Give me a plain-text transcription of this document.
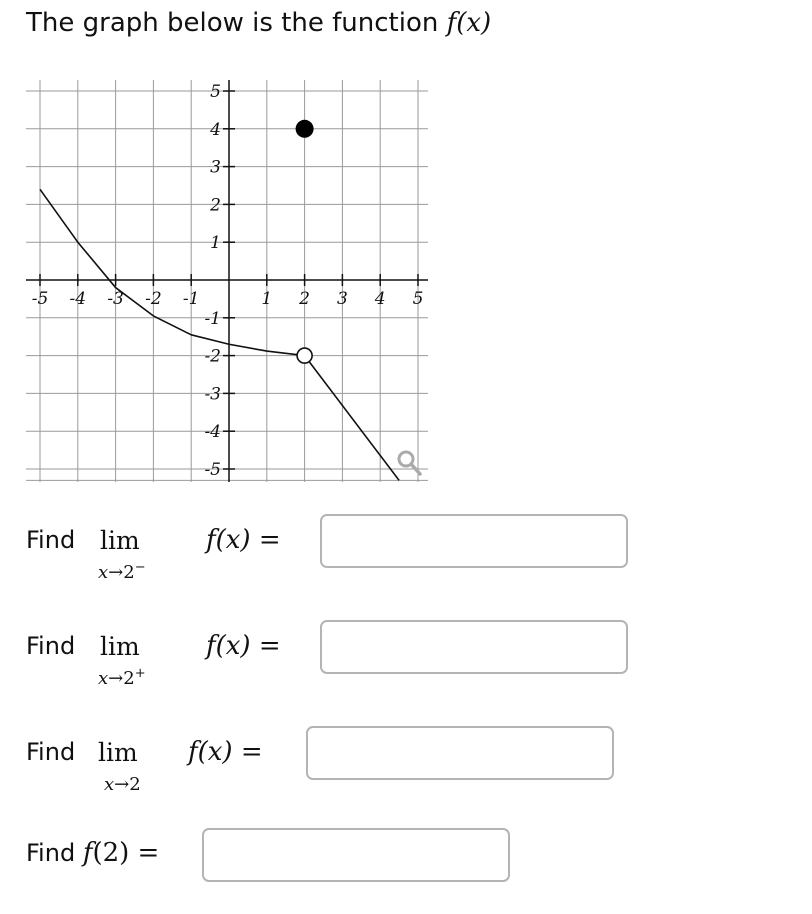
The graph below is the function f(x)
-5 -4 -3 -2 -1	1 2 3 4 5
5
4
3
2
1
-1
-2
-3
-4
-5
Find lim
x→2−
f(x) =
Find lim
x→2+
f(x) =
Find lim
x→2
f(x) =
Find f(2) =
